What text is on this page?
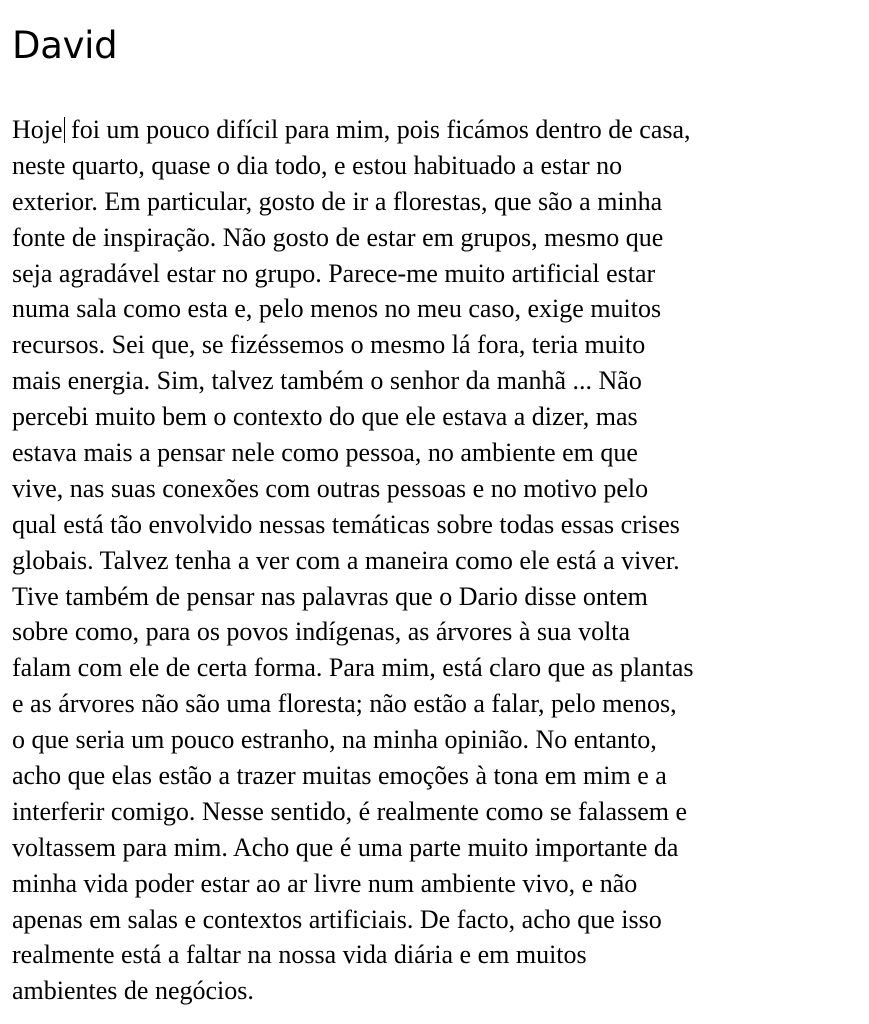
David
Hoje foi um pouco difícil para mim, pois ficámos dentro de casa,
neste quarto, quase o dia todo, e estou habituado a estar no
exterior. Em particular, gosto de ir a florestas, que são a minha
fonte de inspiração. Não gosto de estar em grupos, mesmo que
seja agradável estar no grupo. Parece-me muito artificial estar
numa sala como esta e, pelo menos no meu caso, exige muitos
recursos. Sei que, se fizéssemos o mesmo lá fora, teria muito
mais energia. Sim, talvez também o senhor da manhã ... Não
percebi muito bem o contexto do que ele estava a dizer, mas
estava mais a pensar nele como pessoa, no ambiente em que
vive, nas suas conexões com outras pessoas e no motivo pelo
qual está tão envolvido nessas temáticas sobre todas essas crises
globais. Talvez tenha a ver com a maneira como ele está a viver.
Tive também de pensar nas palavras que o Dario disse ontem
sobre como, para os povos indígenas, as árvores à sua volta
falam com ele de certa forma. Para mim, está claro que as plantas
e as árvores não são uma floresta; não estão a falar, pelo menos,
o que seria um pouco estranho, na minha opinião. No entanto,
acho que elas estão a trazer muitas emoções à tona em mim e a
interferir comigo. Nesse sentido, é realmente como se falassem e
voltassem para mim. Acho que é uma parte muito importante da
minha vida poder estar ao ar livre num ambiente vivo, e não
apenas em salas e contextos artificiais. De facto, acho que isso
realmente está a faltar na nossa vida diária e em muitos
ambientes de negócios.
